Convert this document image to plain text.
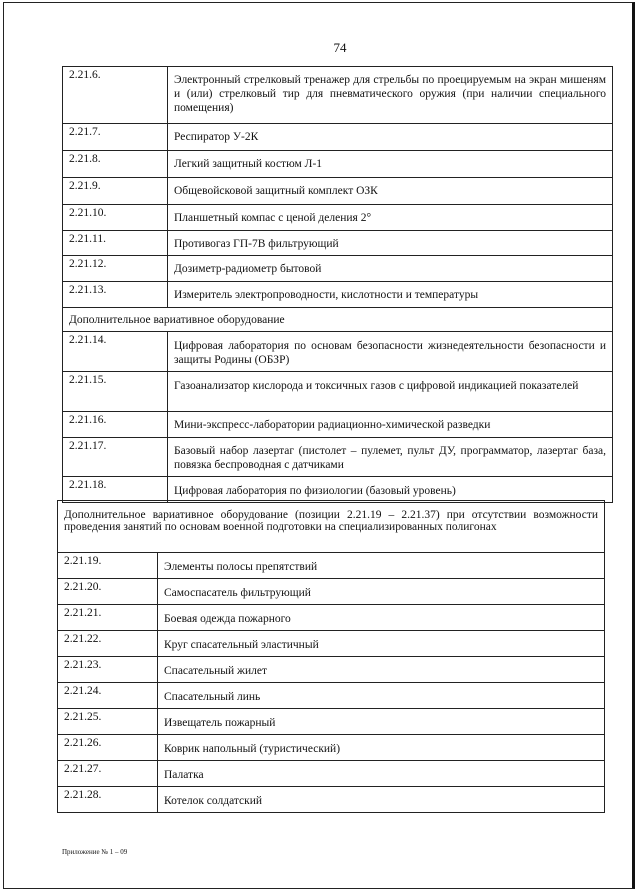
74
2.21.6.	Электронный стрелковый тренажер для стрельбы по проецируемым на экран мишеням и (или) стрелковый тир для пневматического оружия (при наличии специального помещения)
2.21.7.	Респиратор У-2К
2.21.8.	Легкий защитный костюм Л-1
2.21.9.	Общевойсковой защитный комплект ОЗК
2.21.10.	Планшетный компас с ценой деления 2°
2.21.11.	Противогаз ГП-7В фильтрующий
2.21.12.	Дозиметр-радиометр бытовой
2.21.13.	Измеритель электропроводности, кислотности и температуры
Дополнительное вариативное оборудование
2.21.14.	Цифровая лаборатория по основам безопасности жизнедеятельности безопасности и защиты Родины (ОБЗР)
2.21.15.	Газоанализатор кислорода и токсичных газов с цифровой индикацией показателей
2.21.16.	Мини-экспресс-лаборатории радиационно-химической разведки
2.21.17.	Базовый набор лазертаг (пистолет – пулемет, пульт ДУ, программатор, лазертаг база, повязка беспроводная с датчиками
2.21.18.	Цифровая лаборатория по физиологии (базовый уровень)
Дополнительное вариативное оборудование (позиции 2.21.19 – 2.21.37) при отсутствии возможности проведения занятий по основам военной подготовки на специализированных полигонах
2.21.19.	Элементы полосы препятствий
2.21.20.	Самоспасатель фильтрующий
2.21.21.	Боевая одежда пожарного
2.21.22.	Круг спасательный эластичный
2.21.23.	Спасательный жилет
2.21.24.	Спасательный линь
2.21.25.	Извещатель пожарный
2.21.26.	Коврик напольный (туристический)
2.21.27.	Палатка
2.21.28.	Котелок солдатский
Приложение № 1 – 09
